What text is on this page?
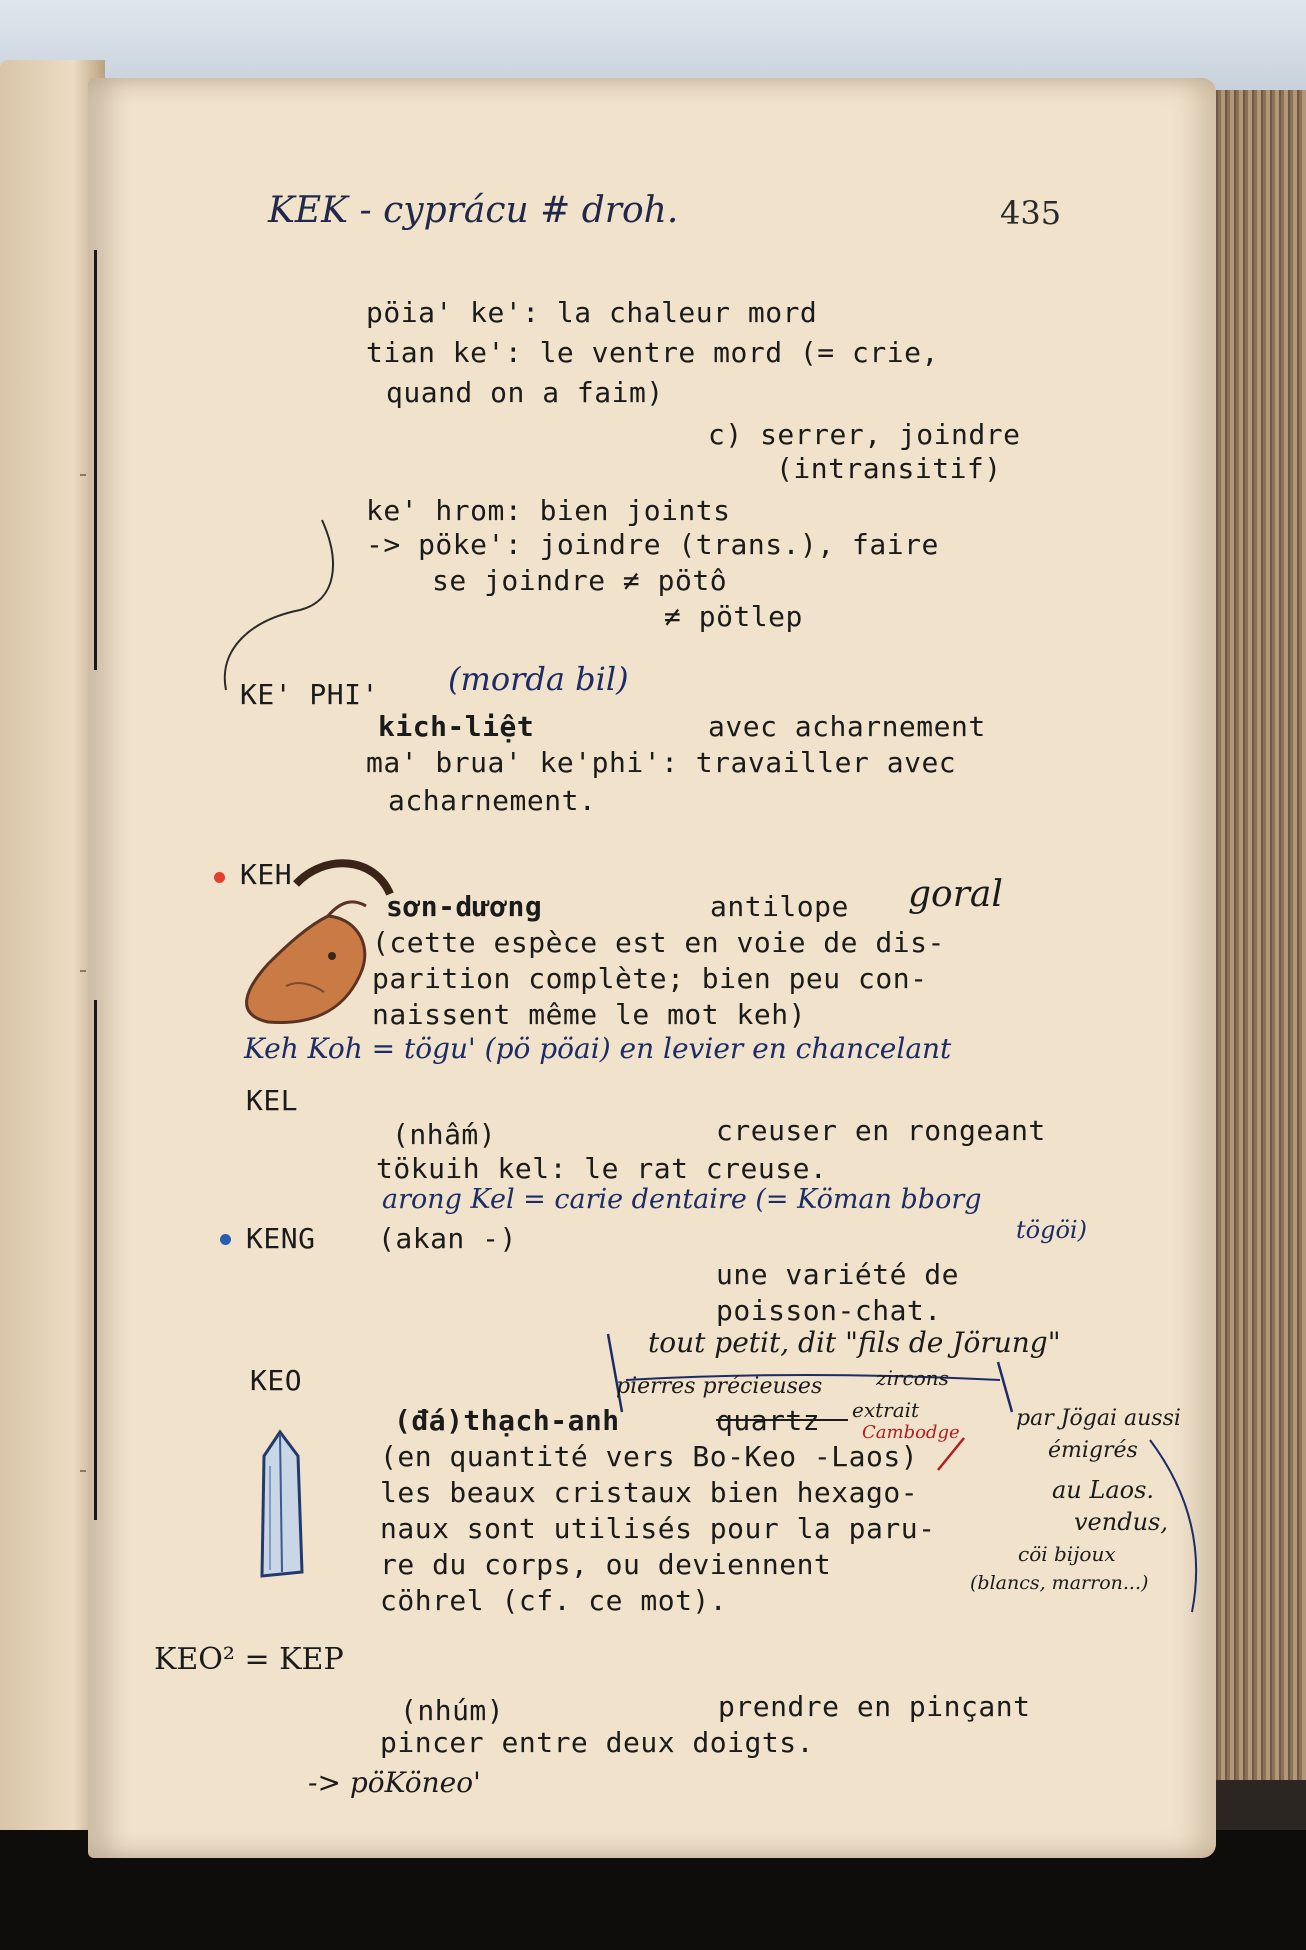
KEK - cyprácu # droh.	435
pöia' ke': la chaleur mord
tian ke': le ventre mord (= crie,
quand on a faim)
c) serrer, joindre
(intransitif)
ke' hrom: bien joints
-> pöke': joindre (trans.), faire
se joindre ≠ pötô
≠ pötlep
KE' PHI' (morda bil)
kich-liệt	avec acharnement
ma' brua' ke'phi': travailler avec
acharnement.
KEH
sơn-dương	antilope goral
(cette espèce est en voie de dis-
parition complète; bien peu con-
naissent même le mot keh)
Keh Koh = tögu' (pö pöai) en levier en chancelant
KEL
(nhấm)	creuser en rongeant
tökuih kel: le rat creuse.
arong Kel = carie dentaire (= Köman bborg
tögöi)
KENG (akan -)
une variété de
poisson-chat.
tout petit, dit "fils de Jörung"
KEO	pierres précieuses	zircons
extrait
Cambodge
(đá)thạch-anh	quartz
(en quantité vers Bo-Keo -Laos)
les beaux cristaux bien hexago-
naux sont utilisés pour la paru-
re du corps, ou deviennent
cöhrel (cf. ce mot).
par Jögai aussi
émigrés
au Laos.
vendus,
cöi bijoux
(blancs, marron...)
KEO² = KEP
(nhúm)	prendre en pinçant
pincer entre deux doigts.
-> pöKöneo'
